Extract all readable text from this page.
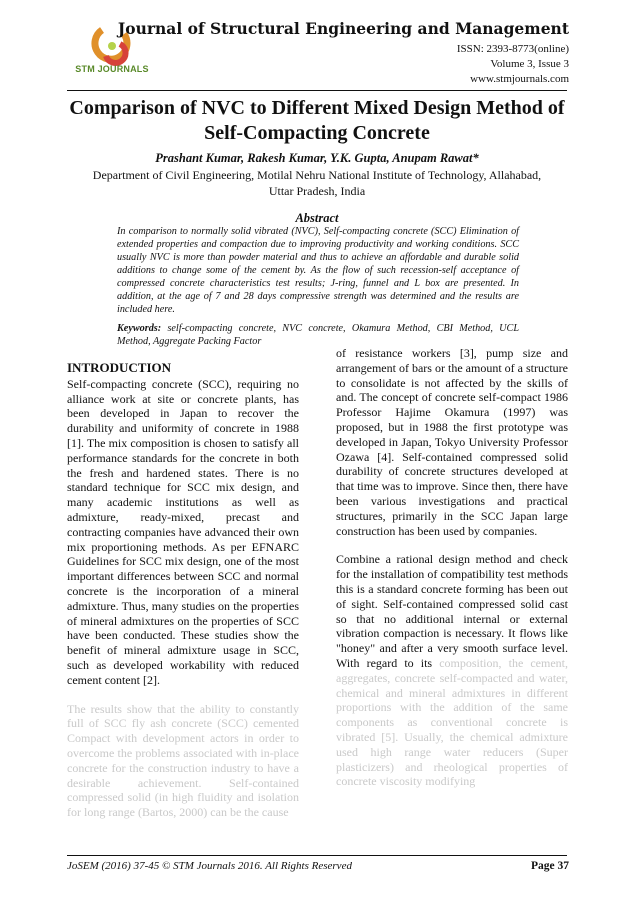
STM JOURNALS
Journal of Structural Engineering and Management
ISSN: 2393-8773(online)
Volume 3, Issue 3
www.stmjournals.com
Comparison of NVC to Different Mixed Design Method of Self-Compacting Concrete
Prashant Kumar, Rakesh Kumar, Y.K. Gupta, Anupam Rawat*
Department of Civil Engineering, Motilal Nehru National Institute of Technology, Allahabad, Uttar Pradesh, India
Abstract
In comparison to normally solid vibrated (NVC), Self-compacting concrete (SCC) Elimination of extended properties and compaction due to improving productivity and working conditions. SCC usually NVC is more than powder material and thus to achieve an affordable and durable solid additions to change some of the cement by. As the flow of such recession-self acceptance of compressed concrete characteristics test results; J-ring, funnel and L box are presented. In addition, at the age of 7 and 28 days compressive strength was determined and the results are included here.
Keywords: self-compacting concrete, NVC concrete, Okamura Method, CBI Method, UCL Method, Aggregate Packing Factor
INTRODUCTION
Self-compacting concrete (SCC), requiring no alliance work at site or concrete plants, has been developed in Japan to recover the durability and uniformity of concrete in 1988 [1]. The mix composition is chosen to satisfy all performance standards for the concrete in both the fresh and hardened states. There is no standard technique for SCC mix design, and many academic institutions as well as admixture, ready-mixed, precast and contracting companies have advanced their own mix proportioning methods. As per EFNARC Guidelines for SCC mix design, one of the most important differences between SCC and normal concrete is the incorporation of a mineral admixture. Thus, many studies on the properties of mineral admixtures on the properties of SCC have been conducted. These studies show the benefit of mineral admixture usage in SCC, such as developed workability with reduced cement content [2].
The results show that the ability to constantly full of SCC fly ash concrete (SCC) cemented Compact with development actors in order to overcome the problems associated with in-place concrete for the construction industry to have a desirable achievement. Self-contained compressed solid (in high fluidity and isolation for long range (Bartos, 2000) can be the cause
of resistance workers [3], pump size and arrangement of bars or the amount of a structure to consolidate is not affected by the skills of and. The concept of concrete self-compact 1986 Professor Hajime Okamura (1997) was proposed, but in 1988 the first prototype was developed in Japan, Tokyo University Professor Ozawa [4]. Self-contained compressed solid durability of concrete structures developed at that time was to improve. Since then, there have been various investigations and practical structures, primarily in the SCC Japan large construction has been used by companies.
Combine a rational design method and check for the installation of compatibility test methods this is a standard concrete forming has been out of sight. Self-contained compressed solid cast so that no additional internal or external vibration compaction is necessary. It flows like "honey" and after a very smooth surface level. With regard to its composition, the cement, aggregates, concrete self-compacted and water, chemical and mineral admixtures in different proportions with the addition of the same components as conventional concrete is vibrated [5]. Usually, the chemical admixture used high range water reducers (Super plasticizers) and rheological properties of concrete viscosity modifying
JoSEM (2016) 37-45 © STM Journals 2016. All Rights Reserved	Page 37
